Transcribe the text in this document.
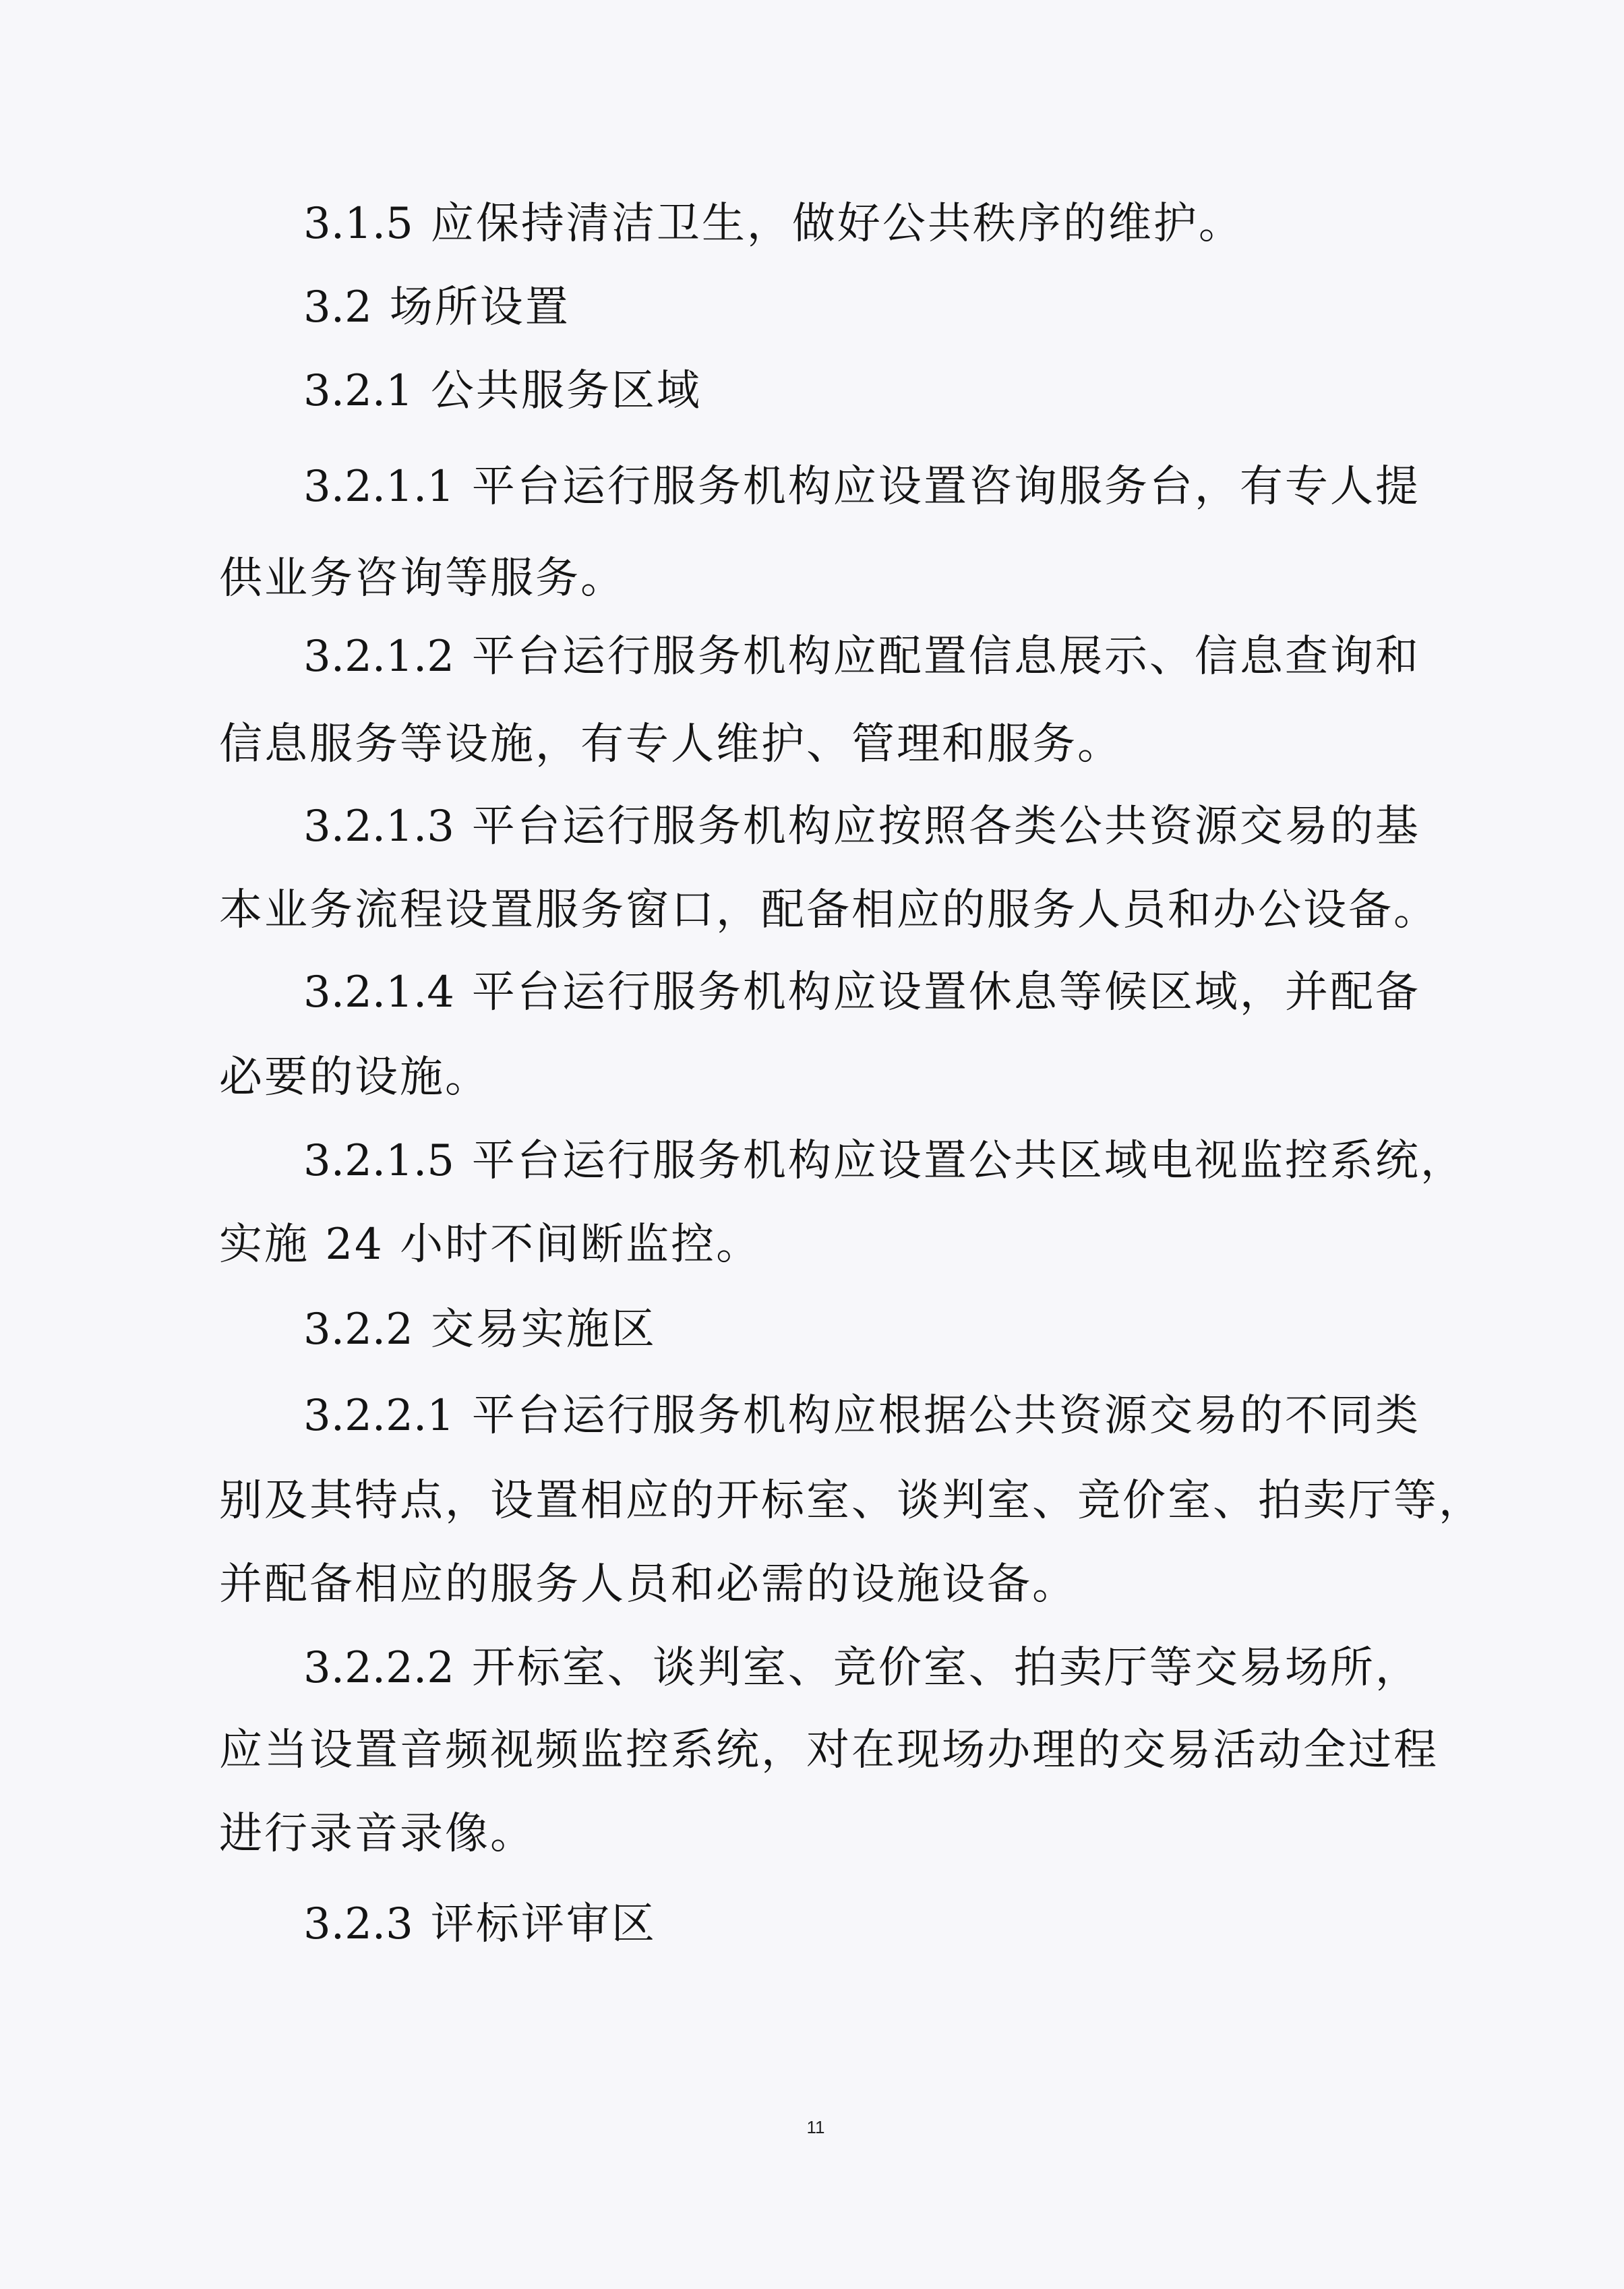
3.1.5 应保持清洁卫生，做好公共秩序的维护。
3.2 场所设置
3.2.1 公共服务区域
3.2.1.1 平台运行服务机构应设置咨询服务台，有专人提
供业务咨询等服务。
3.2.1.2 平台运行服务机构应配置信息展示、信息查询和
信息服务等设施，有专人维护、管理和服务。
3.2.1.3 平台运行服务机构应按照各类公共资源交易的基
本业务流程设置服务窗口，配备相应的服务人员和办公设备。
3.2.1.4 平台运行服务机构应设置休息等候区域，并配备
必要的设施。
3.2.1.5 平台运行服务机构应设置公共区域电视监控系统，
实施 24 小时不间断监控。
3.2.2 交易实施区
3.2.2.1 平台运行服务机构应根据公共资源交易的不同类
别及其特点，设置相应的开标室、谈判室、竞价室、拍卖厅等，
并配备相应的服务人员和必需的设施设备。
3.2.2.2 开标室、谈判室、竞价室、拍卖厅等交易场所，
应当设置音频视频监控系统，对在现场办理的交易活动全过程
进行录音录像。
3.2.3 评标评审区
11
